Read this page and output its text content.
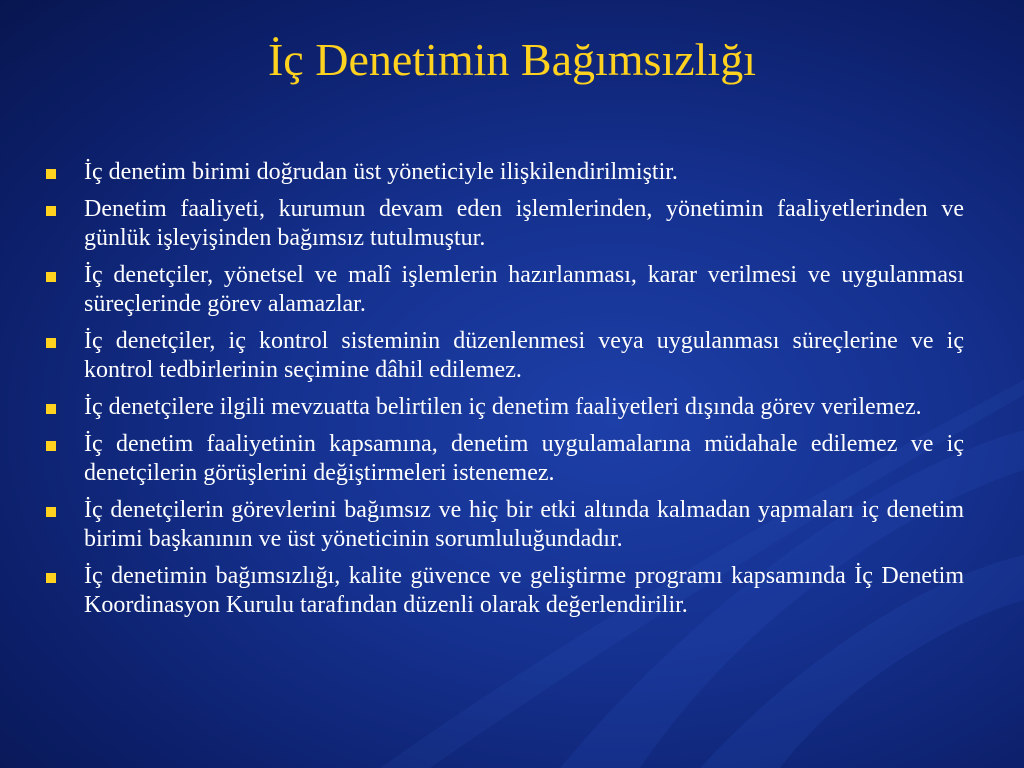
İç Denetimin Bağımsızlığı
İç denetim birimi doğrudan üst yöneticiyle ilişkilendirilmiştir.
Denetim faaliyeti, kurumun devam eden işlemlerinden, yönetimin faaliyetlerinden ve günlük işleyişinden bağımsız tutulmuştur.
İç denetçiler, yönetsel ve malî işlemlerin hazırlanması, karar verilmesi ve uygulanması süreçlerinde görev alamazlar.
İç denetçiler, iç kontrol sisteminin düzenlenmesi veya uygulanması süreçlerine ve iç kontrol tedbirlerinin seçimine dâhil edilemez.
İç denetçilere ilgili mevzuatta belirtilen iç denetim faaliyetleri dışında görev verilemez.
İç denetim faaliyetinin kapsamına, denetim uygulamalarına müdahale edilemez ve iç denetçilerin görüşlerini değiştirmeleri istenemez.
İç denetçilerin görevlerini bağımsız ve hiç bir etki altında kalmadan yapmaları iç denetim birimi başkanının ve üst yöneticinin sorumluluğundadır.
İç denetimin bağımsızlığı, kalite güvence ve geliştirme programı kapsamında İç Denetim Koordinasyon Kurulu tarafından düzenli olarak değerlendirilir.
